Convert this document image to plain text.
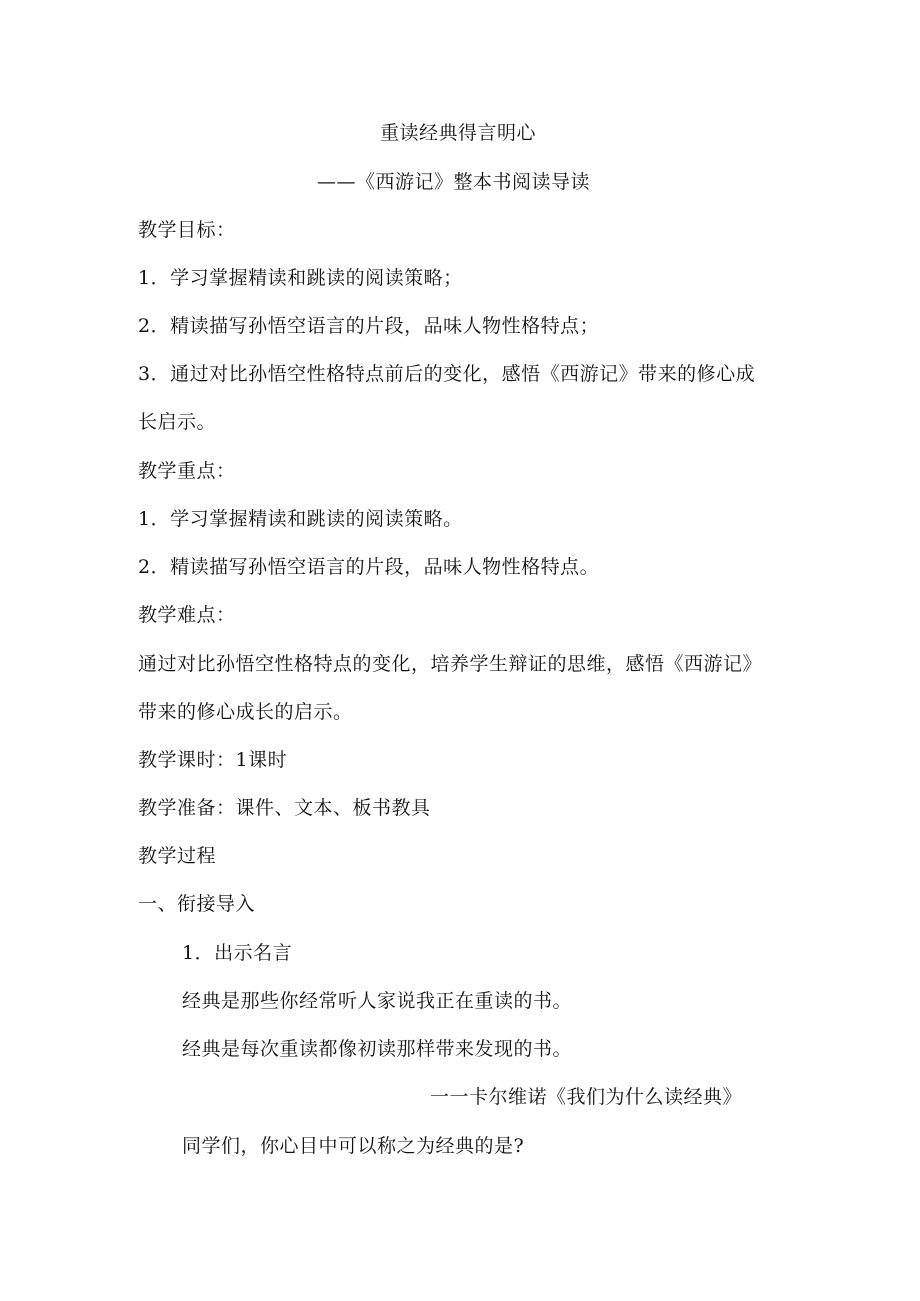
重读经典得言明心
——《西游记》整本书阅读导读
教学目标：
1．学习掌握精读和跳读的阅读策略；
2．精读描写孙悟空语言的片段，品味人物性格特点；
3．通过对比孙悟空性格特点前后的变化，感悟《西游记》带来的修心成
长启示。
教学重点：
1．学习掌握精读和跳读的阅读策略。
2．精读描写孙悟空语言的片段，品味人物性格特点。
教学难点：
通过对比孙悟空性格特点的变化，培养学生辩证的思维，感悟《西游记》
带来的修心成长的启示。
教学课时：1课时
教学准备：课件、文本、板书教具
教学过程
一、衔接导入
1．出示名言
经典是那些你经常听人家说我正在重读的书。
经典是每次重读都像初读那样带来发现的书。
一一卡尔维诺《我们为什么读经典》
同学们，你心目中可以称之为经典的是?
